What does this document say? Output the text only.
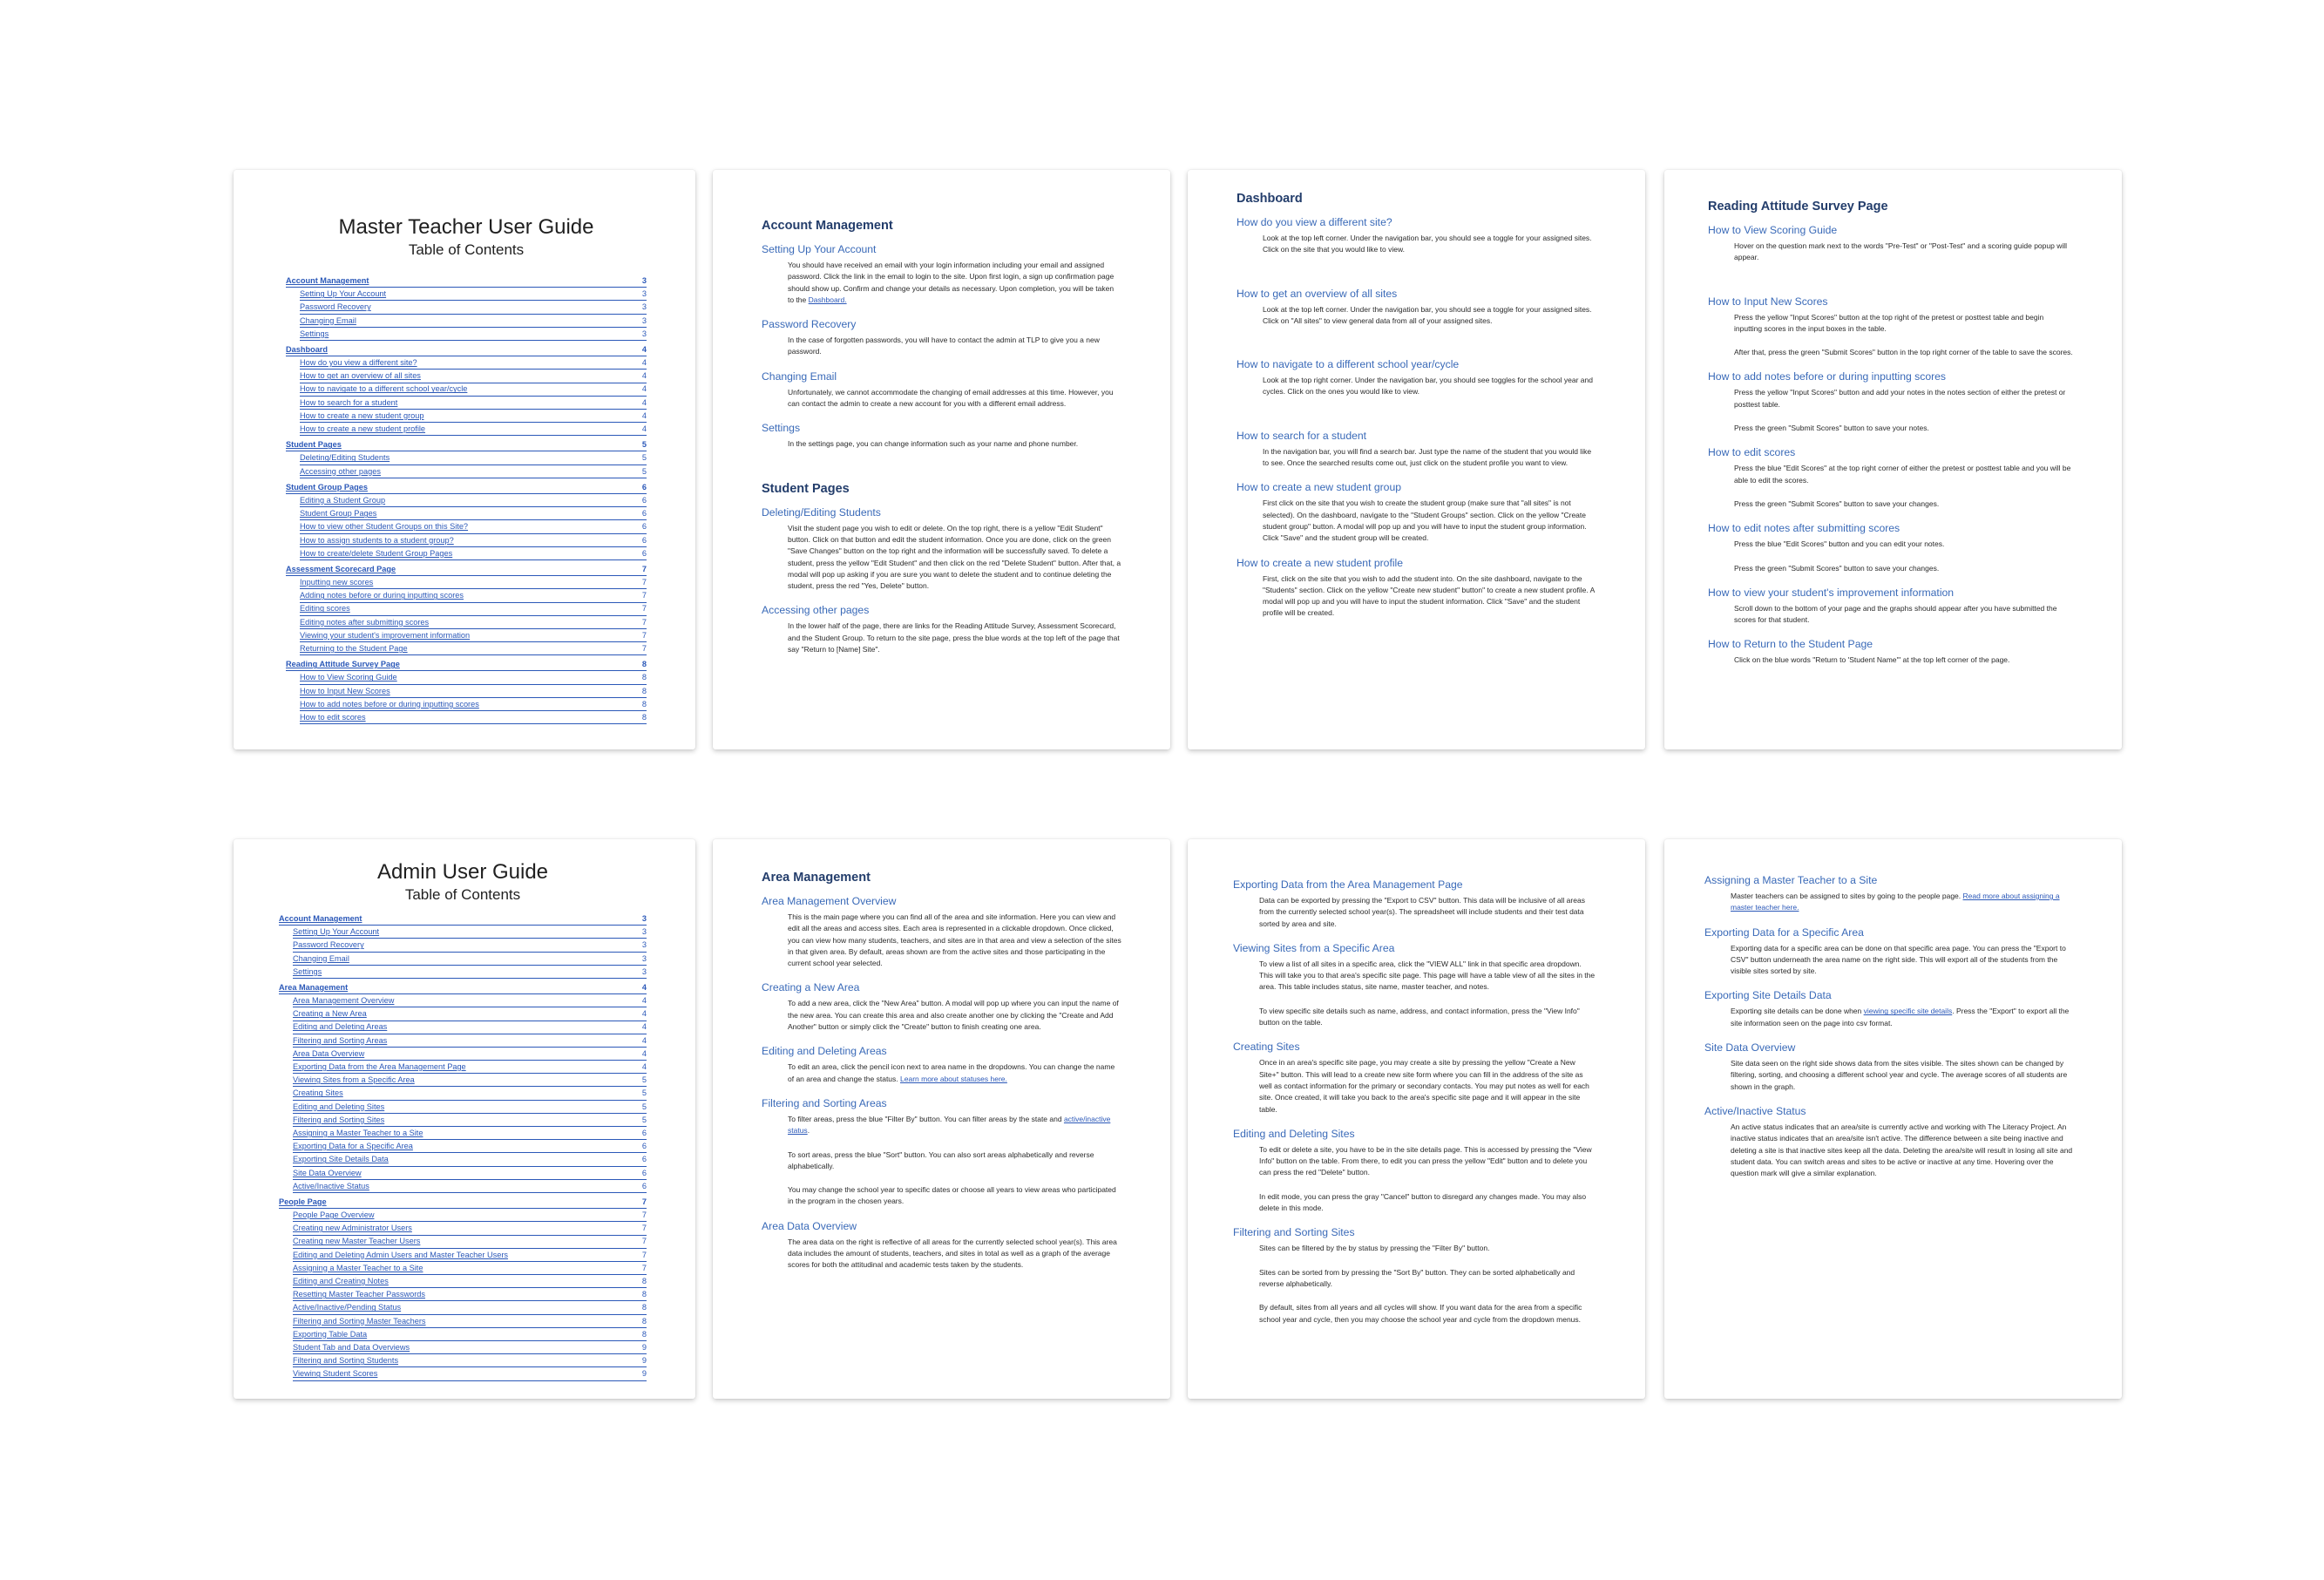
Master Teacher User Guide
Table of Contents
Account Management	3
Setting Up Your Account	3
Password Recovery	3
Changing Email	3
Settings	3
Dashboard	4
How do you view a different site?	4
How to get an overview of all sites	4
How to navigate to a different school year/cycle	4
How to search for a student	4
How to create a new student group	4
How to create a new student profile	4
Student Pages	5
Deleting/Editing Students	5
Accessing other pages	5
Student Group Pages	6
Editing a Student Group	6
Student Group Pages	6
How to view other Student Groups on this Site?	6
How to assign students to a student group?	6
How to create/delete Student Group Pages	6
Assessment Scorecard Page	7
Inputting new scores	7
Adding notes before or during inputting scores	7
Editing scores	7
Editing notes after submitting scores	7
Viewing your student's improvement information	7
Returning to the Student Page	7
Reading Attitude Survey Page	8
How to View Scoring Guide	8
How to Input New Scores	8
How to add notes before or during inputting scores	8
How to edit scores	8
Account Management
Setting Up Your Account

You should have received an email with your login information including your email and assigned password. Click the link in the email to login to the site. Upon first login, a sign up confirmation page should show up. Confirm and change your details as necessary. Upon completion, you will be taken to the Dashboard.

Password Recovery

In the case of forgotten passwords, you will have to contact the admin at TLP to give you a new password.

Changing Email

Unfortunately, we cannot accommodate the changing of email addresses at this time. However, you can contact the admin to create a new account for you with a different email address.

Settings

In the settings page, you can change information such as your name and phone number.

Student Pages
Deleting/Editing Students

Visit the student page you wish to edit or delete. On the top right, there is a yellow "Edit Student" button. Click on that button and edit the student information. Once you are done, click on the green "Save Changes" button on the top right and the information will be successfully saved. To delete a student, press the yellow "Edit Student" and then click on the red "Delete Student" button. After that, a modal will pop up asking if you are sure you want to delete the student and to continue deleting the student, press the red "Yes, Delete" button.

Accessing other pages

In the lower half of the page, there are links for the Reading Attitude Survey, Assessment Scorecard, and the Student Group. To return to the site page, press the blue words at the top left of the page that say "Return to [Name] Site".

Dashboard
How do you view a different site?

Look at the top left corner. Under the navigation bar, you should see a toggle for your assigned sites. Click on the site that you would like to view.

How to get an overview of all sites

Look at the top left corner. Under the navigation bar, you should see a toggle for your assigned sites. Click on "All sites" to view general data from all of your assigned sites.

How to navigate to a different school year/cycle

Look at the top right corner. Under the navigation bar, you should see toggles for the school year and cycles. Click on the ones you would like to view.

How to search for a student

In the navigation bar, you will find a search bar. Just type the name of the student that you would like to see. Once the searched results come out, just click on the student profile you want to view.

How to create a new student group

First click on the site that you wish to create the student group (make sure that "all sites" is not selected). On the dashboard, navigate to the "Student Groups" section. Click on the yellow "Create student group" button. A modal will pop up and you will have to input the student group information. Click "Save" and the student group will be created.

How to create a new student profile

First, click on the site that you wish to add the student into. On the site dashboard, navigate to the "Students" section. Click on the yellow "Create new student" button" to create a new student profile. A modal will pop up and you will have to input the student information. Click "Save" and the student profile will be created.

Reading Attitude Survey Page
How to View Scoring Guide

Hover on the question mark next to the words "Pre-Test" or "Post-Test" and a scoring guide popup will appear.

How to Input New Scores

Press the yellow "Input Scores" button at the top right of the pretest or posttest table and begin inputting scores in the input boxes in the table.

After that, press the green "Submit Scores" button in the top right corner of the table to save the scores.

How to add notes before or during inputting scores

Press the yellow "Input Scores" button and add your notes in the notes section of either the pretest or posttest table.

Press the green "Submit Scores" button to save your notes.

How to edit scores

Press the blue "Edit Scores" at the top right corner of either the pretest or posttest table and you will be able to edit the scores.

Press the green "Submit Scores" button to save your changes.

How to edit notes after submitting scores

Press the blue "Edit Scores" button and you can edit your notes.

Press the green "Submit Scores" button to save your changes.

How to view your student's improvement information

Scroll down to the bottom of your page and the graphs should appear after you have submitted the scores for that student.

How to Return to the Student Page

Click on the blue words "Return to 'Student Name'" at the top left corner of the page.

Admin User Guide
Table of Contents
Account Management	3
Setting Up Your Account	3
Password Recovery	3
Changing Email	3
Settings	3
Area Management	4
Area Management Overview	4
Creating a New Area	4
Editing and Deleting Areas	4
Filtering and Sorting Areas	4
Area Data Overview	4
Exporting Data from the Area Management Page	4
Viewing Sites from a Specific Area	5
Creating Sites	5
Editing and Deleting Sites	5
Filtering and Sorting Sites	5
Assigning a Master Teacher to a Site	6
Exporting Data for a Specific Area	6
Exporting Site Details Data	6
Site Data Overview	6
Active/Inactive Status	6
People Page	7
People Page Overview	7
Creating new Administrator Users	7
Creating new Master Teacher Users	7
Editing and Deleting Admin Users and Master Teacher Users	7
Assigning a Master Teacher to a Site	7
Editing and Creating Notes	8
Resetting Master Teacher Passwords	8
Active/Inactive/Pending Status	8
Filtering and Sorting Master Teachers	8
Exporting Table Data	8
Student Tab and Data Overviews	9
Filtering and Sorting Students	9
Viewing Student Scores	9
Area Management
Area Management Overview

This is the main page where you can find all of the area and site information. Here you can view and edit all the areas and access sites. Each area is represented in a clickable dropdown. Once clicked, you can view how many students, teachers, and sites are in that area and view a selection of the sites in that given area. By default, areas shown are from the active sites and those participating in the current school year selected.

Creating a New Area

To add a new area, click the "New Area" button. A modal will pop up where you can input the name of the new area. You can create this area and also create another one by clicking the "Create and Add Another" button or simply click the "Create" button to finish creating one area.

Editing and Deleting Areas

To edit an area, click the pencil icon next to area name in the dropdowns. You can change the name of an area and change the status. Learn more about statuses here.

Filtering and Sorting Areas

To filter areas, press the blue "Filter By" button. You can filter areas by the state and active/inactive status.

To sort areas, press the blue "Sort" button. You can also sort areas alphabetically and reverse alphabetically.

You may change the school year to specific dates or choose all years to view areas who participated in the program in the chosen years.

Area Data Overview

The area data on the right is reflective of all areas for the currently selected school year(s). This area data includes the amount of students, teachers, and sites in total as well as a graph of the average scores for both the attitudinal and academic tests taken by the students.

Exporting Data from the Area Management Page

Data can be exported by pressing the "Export to CSV" button. This data will be inclusive of all areas from the currently selected school year(s). The spreadsheet will include students and their test data sorted by area and site.

Viewing Sites from a Specific Area

To view a list of all sites in a specific area, click the "VIEW ALL" link in that specific area dropdown. This will take you to that area's specific site page. This page will have a table view of all the sites in the area. This table includes status, site name, master teacher, and notes.

To view specific site details such as name, address, and contact information, press the "View Info" button on the table.

Creating Sites

Once in an area's specific site page, you may create a site by pressing the yellow "Create a New Site+" button. This will lead to a create new site form where you can fill in the address of the site as well as contact information for the primary or secondary contacts. You may put notes as well for each site. Once created, it will take you back to the area's specific site page and it will appear in the site table.

Editing and Deleting Sites

To edit or delete a site, you have to be in the site details page. This is accessed by pressing the "View Info" button on the table. From there, to edit you can press the yellow "Edit" button and to delete you can press the red "Delete" button.

In edit mode, you can press the gray "Cancel" button to disregard any changes made. You may also delete in this mode.

Filtering and Sorting Sites

Sites can be filtered by the by status by pressing the "Filter By" button.

Sites can be sorted from by pressing the "Sort By" button. They can be sorted alphabetically and reverse alphabetically.

By default, sites from all years and all cycles will show. If you want data for the area from a specific school year and cycle, then you may choose the school year and cycle from the dropdown menus.

Assigning a Master Teacher to a Site

Master teachers can be assigned to sites by going to the people page. Read more about assigning a master teacher here.

Exporting Data for a Specific Area

Exporting data for a specific area can be done on that specific area page. You can press the "Export to CSV" button underneath the area name on the right side. This will export all of the students from the visible sites sorted by site.

Exporting Site Details Data

Exporting site details can be done when viewing specific site details. Press the "Export" to export all the site information seen on the page into csv format.

Site Data Overview

Site data seen on the right side shows data from the sites visible. The sites shown can be changed by filtering, sorting, and choosing a different school year and cycle. The average scores of all students are shown in the graph.

Active/Inactive Status

An active status indicates that an area/site is currently active and working with The Literacy Project. An inactive status indicates that an area/site isn't active. The difference between a site being inactive and deleting a site is that inactive sites keep all the data. Deleting the area/site will result in losing all site and student data. You can switch areas and sites to be active or inactive at any time. Hovering over the question mark will give a similar explanation.
